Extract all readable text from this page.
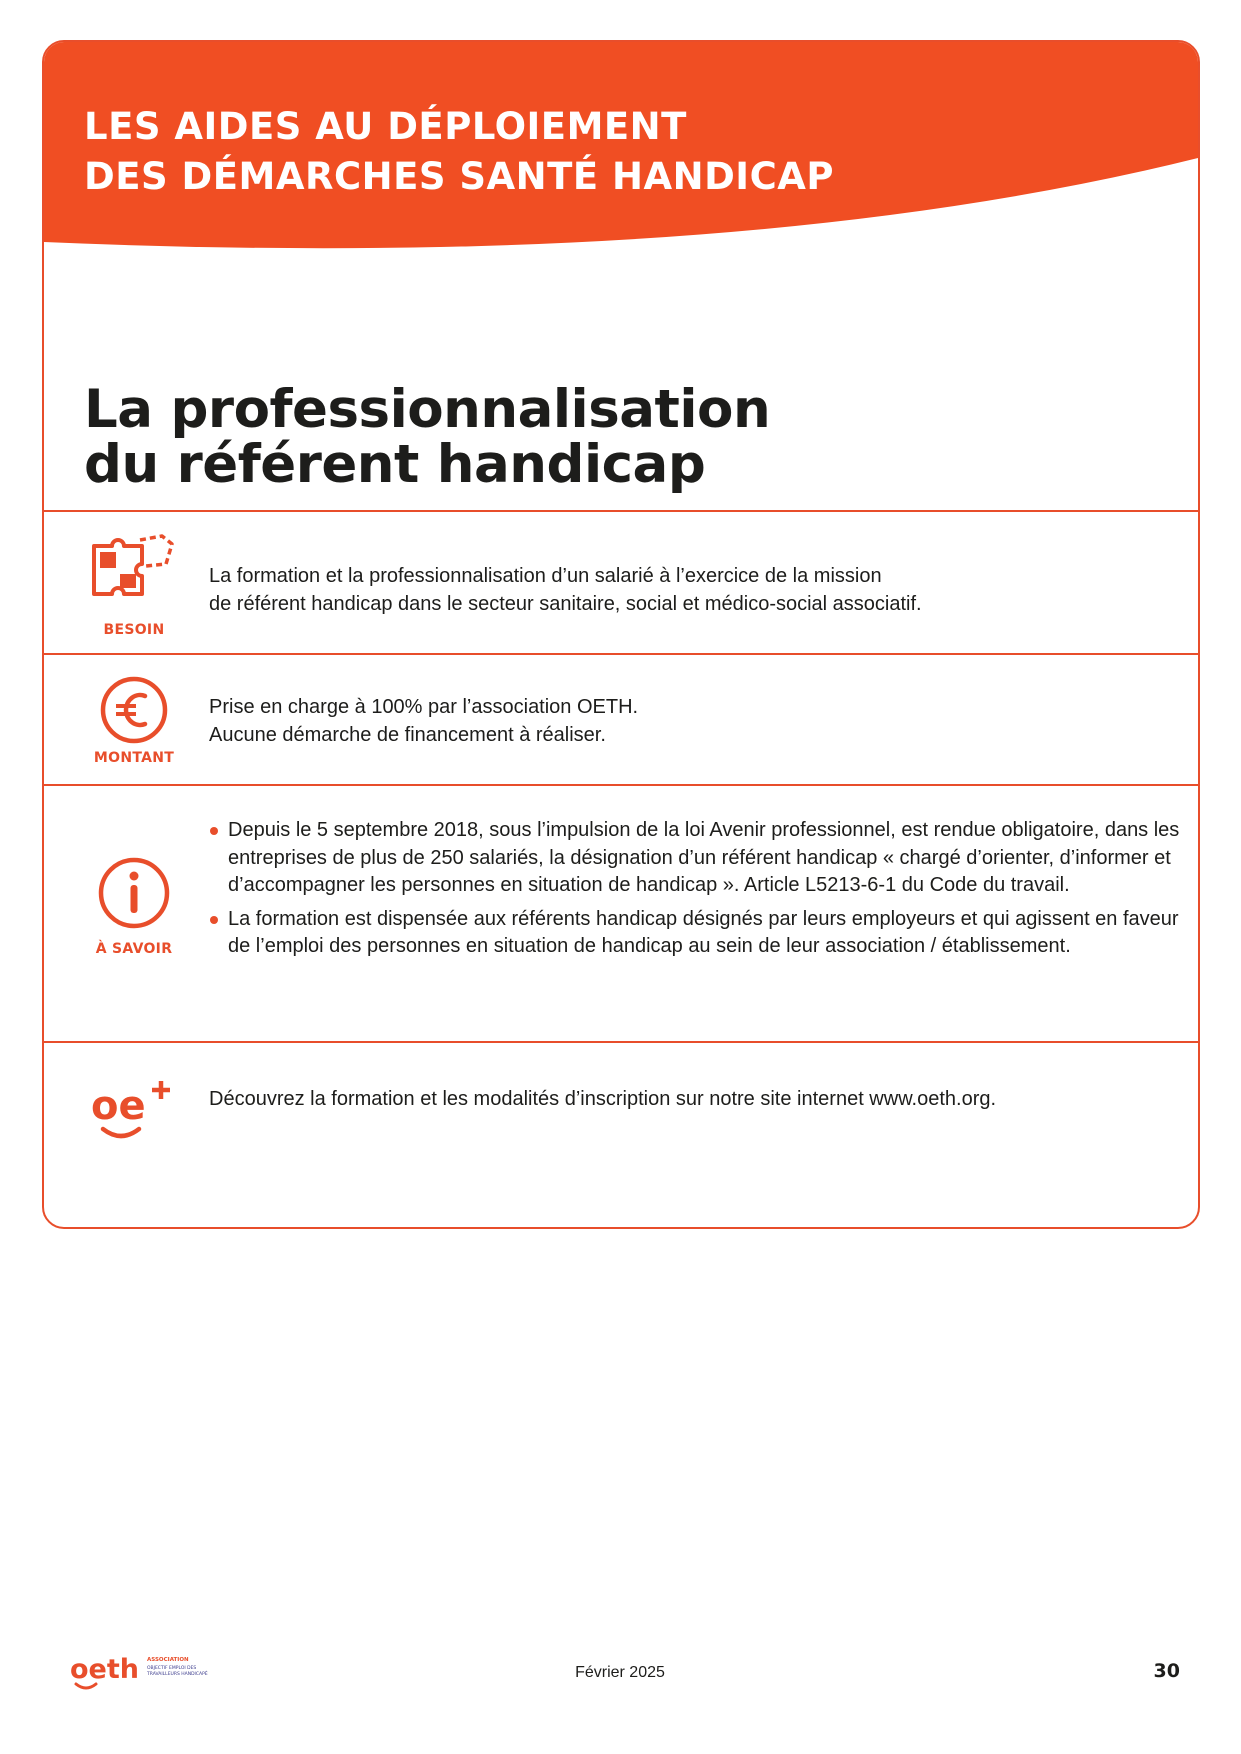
LES AIDES AU DÉPLOIEMENT
DES DÉMARCHES SANTÉ HANDICAP
La professionnalisation
du référent handicap
BESOIN
La formation et la professionnalisation d’un salarié à l’exercice de la mission
de référent handicap dans le secteur sanitaire, social et médico-social associatif.
MONTANT
Prise en charge à 100% par l’association OETH.
Aucune démarche de financement à réaliser.
À SAVOIR
Depuis le 5 septembre 2018, sous l’impulsion de la loi Avenir professionnel, est rendue obligatoire, dans les entreprises de plus de 250 salariés, la désignation d’un référent handicap « chargé d’orienter, d’informer et d’accompagner les personnes en situation de handicap ». Article L5213-6-1 du Code du travail.
La formation est dispensée aux référents handicap désignés par leurs employeurs et qui agissent en faveur de l’emploi des personnes en situation de handicap au sein de leur association / établissement.
oe	Découvrez la formation et les modalités d’inscription sur notre site internet www.oeth.org.
oeth ASSOCIATION
OBJECTIF EMPLOI DES
TRAVAILLEURS HANDICAPÉS	Février 2025	30
